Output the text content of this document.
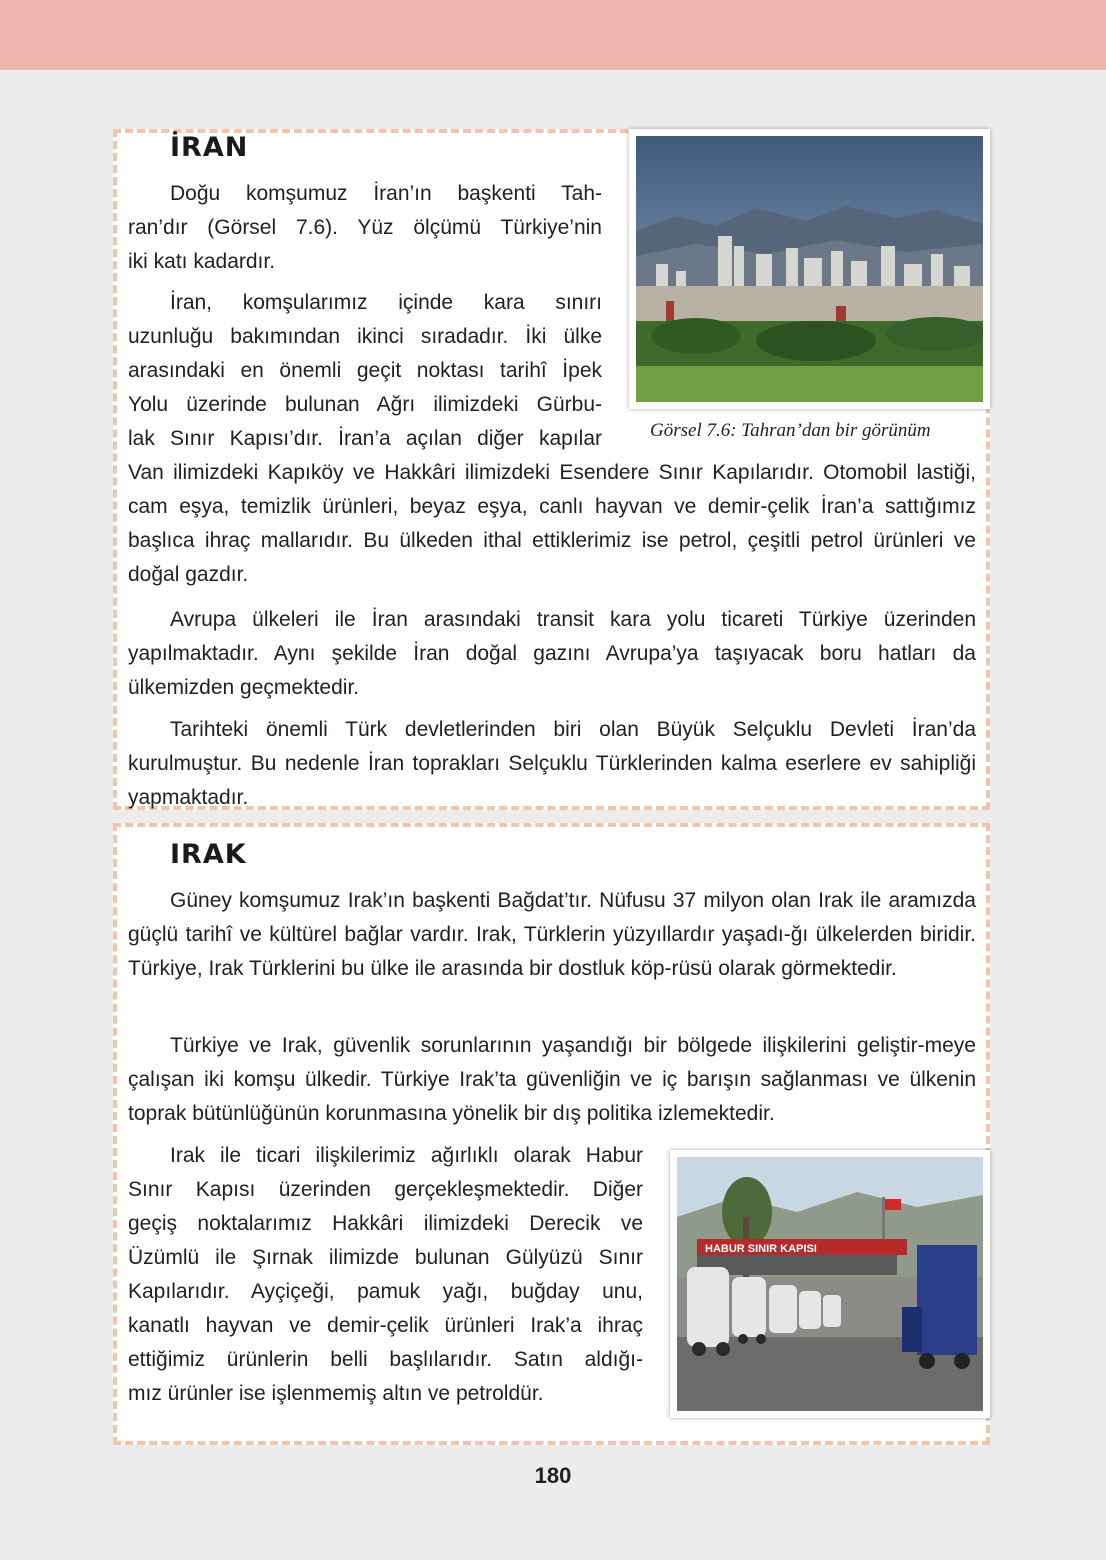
İRAN
Doğu komşumuz İran’ın başkenti Tah-
ran’dır (Görsel 7.6). Yüz ölçümü Türkiye’nin
iki katı kadardır.
İran, komşularımız içinde kara sınırı
uzunluğu bakımından ikinci sıradadır. İki ülke
arasındaki en önemli geçit noktası tarihî İpek
Yolu üzerinde bulunan Ağrı ilimizdeki Gürbu-
lak Sınır Kapısı’dır. İran’a açılan diğer kapılar

Van ilimizdeki Kapıköy ve Hakkâri ilimizdeki Esendere Sınır Kapılarıdır. Otomobil lastiği, cam eşya, temizlik ürünleri, beyaz eşya, canlı hayvan ve demir-çelik İran’a sattığımız başlıca ihraç mallarıdır. Bu ülkeden ithal ettiklerimiz ise petrol, çeşitli petrol ürünleri ve doğal gazdır.

Avrupa ülkeleri ile İran arasındaki transit kara yolu ticareti Türkiye üzerinden yapılmaktadır. Aynı şekilde İran doğal gazını Avrupa’ya taşıyacak boru hatları da ülkemizden geçmektedir.

Tarihteki önemli Türk devletlerinden biri olan Büyük Selçuklu Devleti İran’da kurulmuştur. Bu nedenle İran toprakları Selçuklu Türklerinden kalma eserlere ev sahipliği yapmaktadır.

Görsel 7.6: Tahran’dan bir görünüm
IRAK

Güney komşumuz Irak’ın başkenti Bağdat’tır. Nüfusu 37 milyon olan Irak ile aramızda güçlü tarihî ve kültürel bağlar vardır. Irak, Türklerin yüzyıllardır yaşadı-ğı ülkelerden biridir. Türkiye, Irak Türklerini bu ülke ile arasında bir dostluk köp-rüsü olarak görmektedir.

Türkiye ve Irak, güvenlik sorunlarının yaşandığı bir bölgede ilişkilerini geliştir-meye çalışan iki komşu ülkedir. Türkiye Irak’ta güvenliğin ve iç barışın sağlanması ve ülkenin toprak bütünlüğünün korunmasına yönelik bir dış politika izlemektedir.

Irak ile ticari ilişkilerimiz ağırlıklı olarak Habur
Sınır Kapısı üzerinden gerçekleşmektedir. Diğer
geçiş noktalarımız Hakkâri ilimizdeki Derecik ve
Üzümlü ile Şırnak ilimizde bulunan Gülyüzü Sınır
Kapılarıdır. Ayçiçeği, pamuk yağı, buğday unu,
kanatlı hayvan ve demir-çelik ürünleri Irak’a ihraç
ettiğimiz ürünlerin belli başlılarıdır. Satın aldığı-
mız ürünler ise işlenmemiş altın ve petroldür.
HABUR SINIR KAPISI
180
